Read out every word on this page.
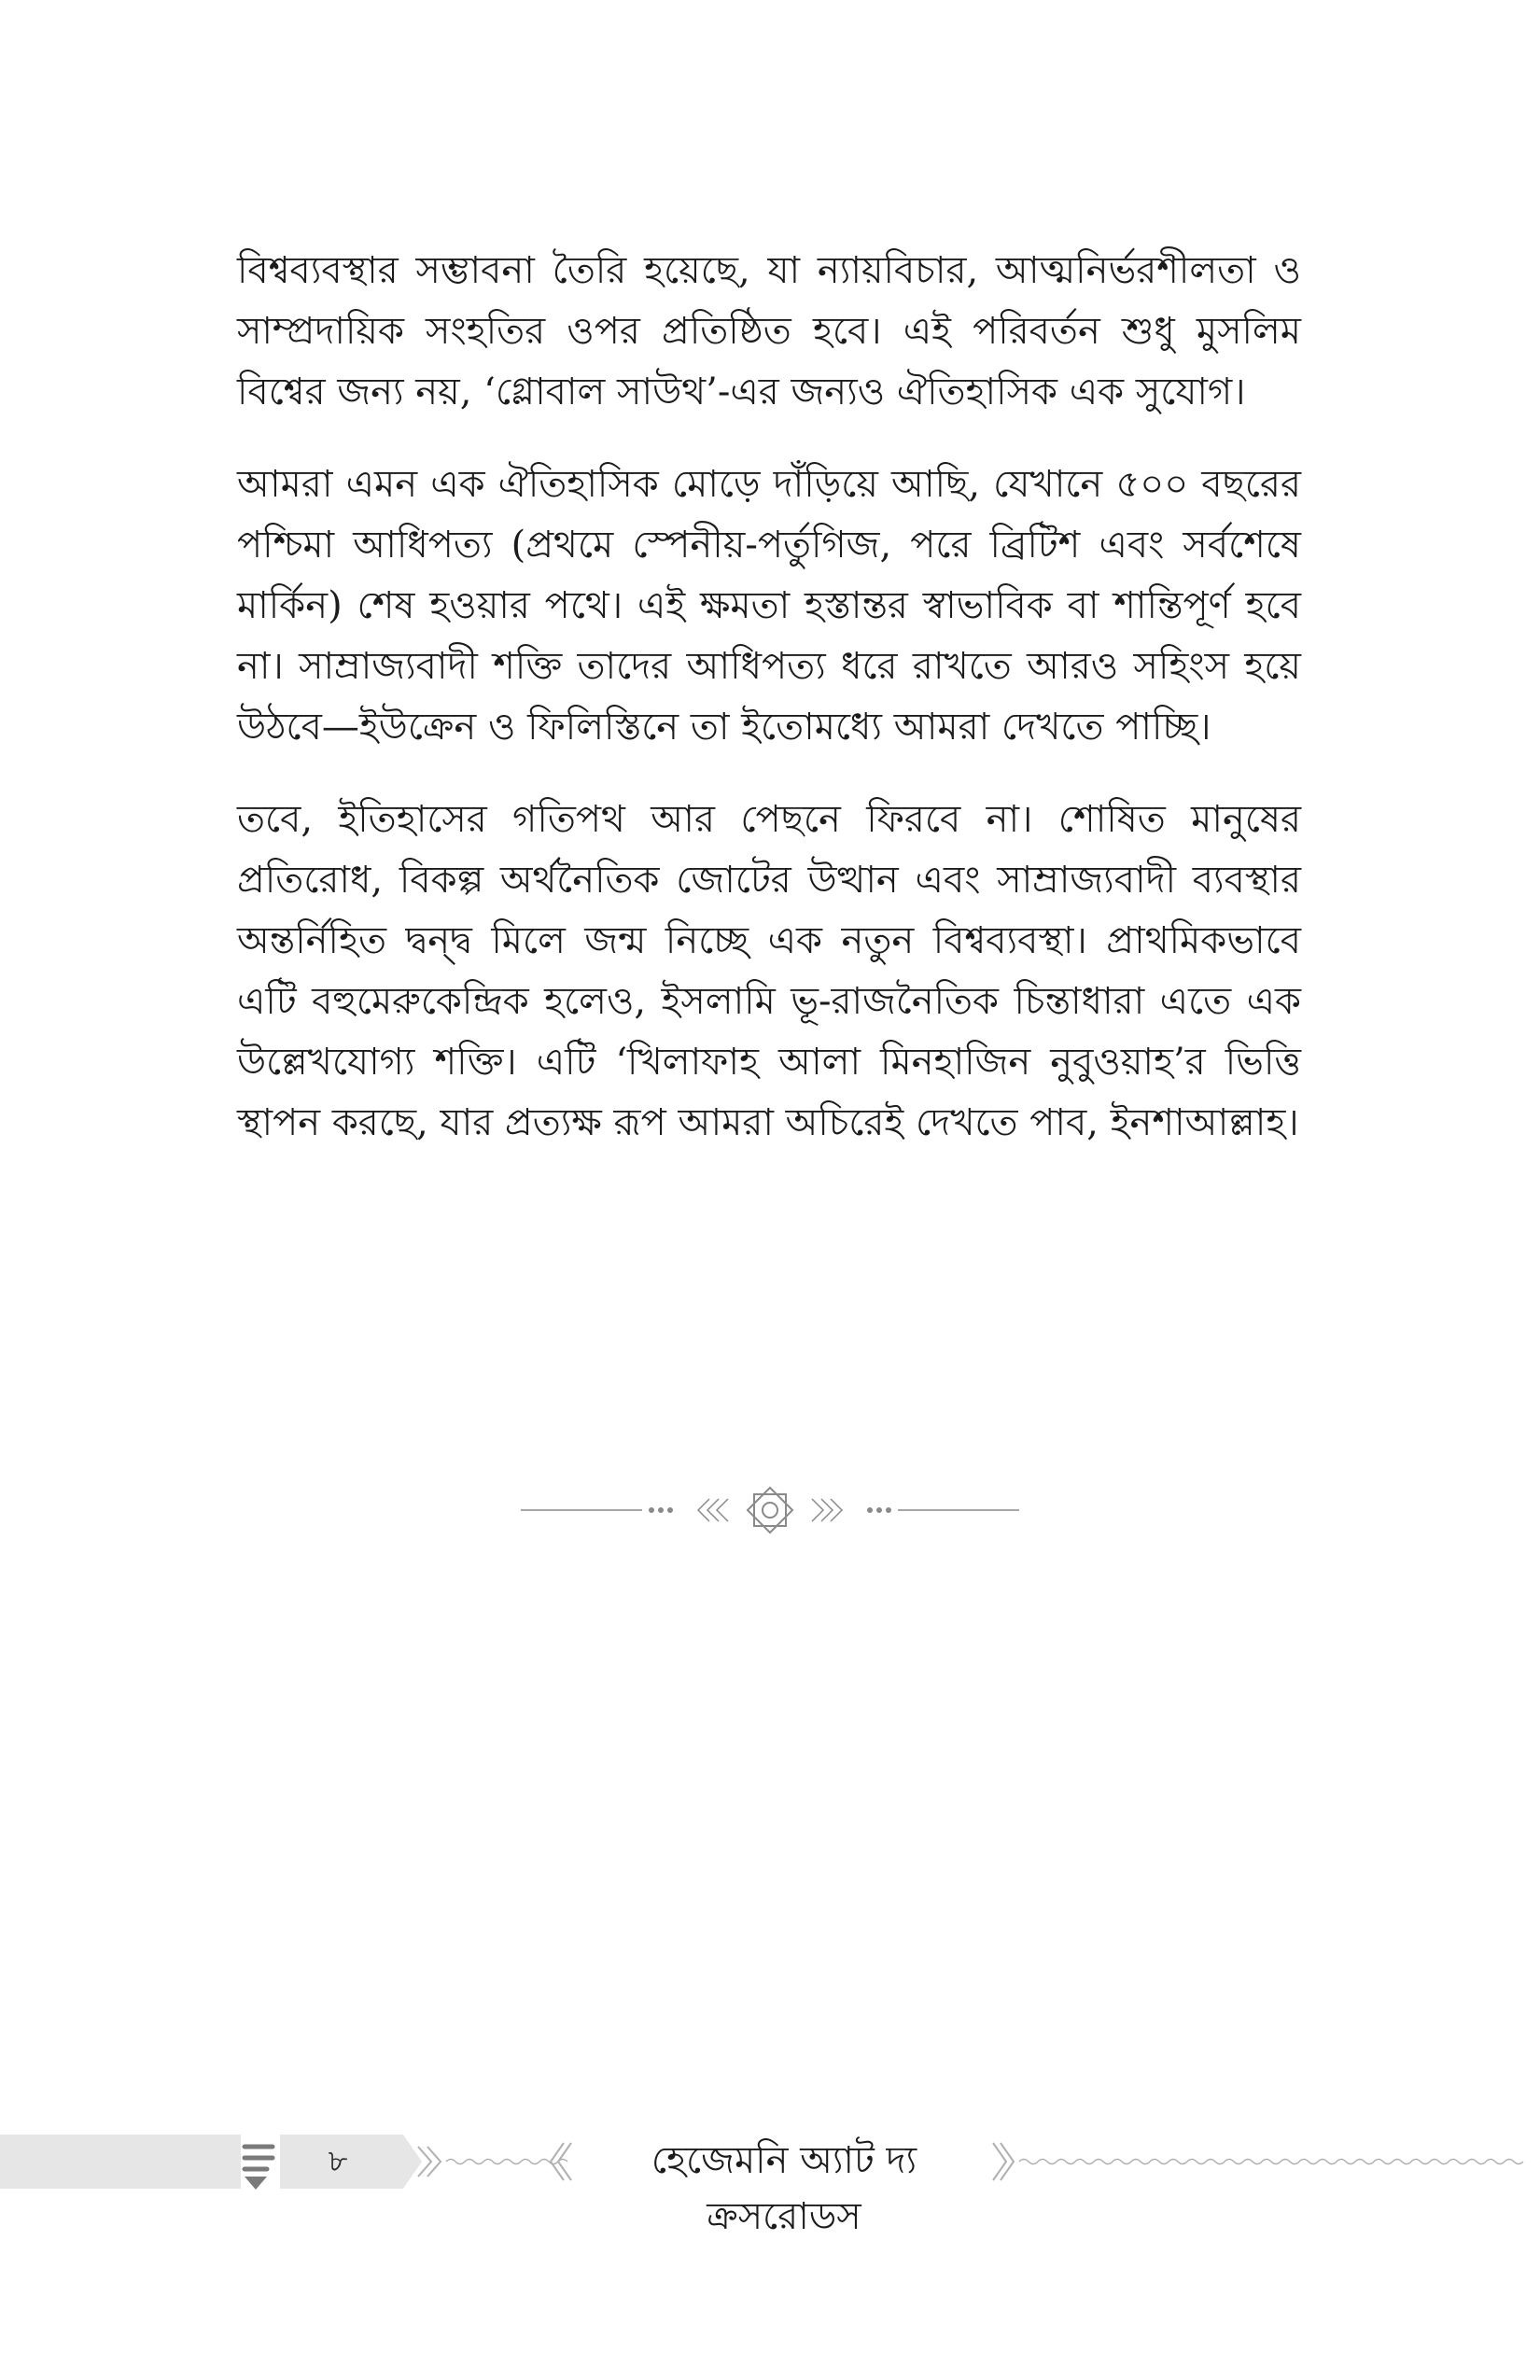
বিশ্বব্যবস্থার সম্ভাবনা তৈরি হয়েছে, যা ন্যায়বিচার, আত্মনির্ভরশীলতা ও সাম্প্রদায়িক সংহতির ওপর প্রতিষ্ঠিত হবে। এই পরিবর্তন শুধু মুসলিম বিশ্বের জন্য নয়, ‘গ্লোবাল সাউথ’-এর জন্যও ঐতিহাসিক এক সুযোগ।

আমরা এমন এক ঐতিহাসিক মোড়ে দাঁড়িয়ে আছি, যেখানে ৫০০ বছরের পশ্চিমা আধিপত্য (প্রথমে স্পেনীয়-পর্তুগিজ, পরে ব্রিটিশ এবং সর্বশেষে মার্কিন) শেষ হওয়ার পথে। এই ক্ষমতা হস্তান্তর স্বাভাবিক বা শান্তিপূর্ণ হবে না। সাম্রাজ্যবাদী শক্তি তাদের আধিপত্য ধরে রাখতে আরও সহিংস হয়ে উঠবে—ইউক্রেন ও ফিলিস্তিনে তা ইতোমধ্যে আমরা দেখতে পাচ্ছি।

তবে, ইতিহাসের গতিপথ আর পেছনে ফিরবে না। শোষিত মানুষের প্রতিরোধ, বিকল্প অর্থনৈতিক জোটের উত্থান এবং সাম্রাজ্যবাদী ব্যবস্থার অন্তর্নিহিত দ্বন্দ্ব মিলে জন্ম নিচ্ছে এক নতুন বিশ্বব্যবস্থা। প্রাথমিকভাবে এটি বহুমেরুকেন্দ্রিক হলেও, ইসলামি ভূ-রাজনৈতিক চিন্তাধারা এতে এক উল্লেখযোগ্য শক্তি। এটি ‘খিলাফাহ আলা মিনহাজিন নুবুওয়াহ’র ভিত্তি স্থাপন করছে, যার প্রত্যক্ষ রূপ আমরা অচিরেই দেখতে পাব, ইনশাআল্লাহ।

৮	হেজেমনি অ্যাট দ্য ক্রসরোডস
